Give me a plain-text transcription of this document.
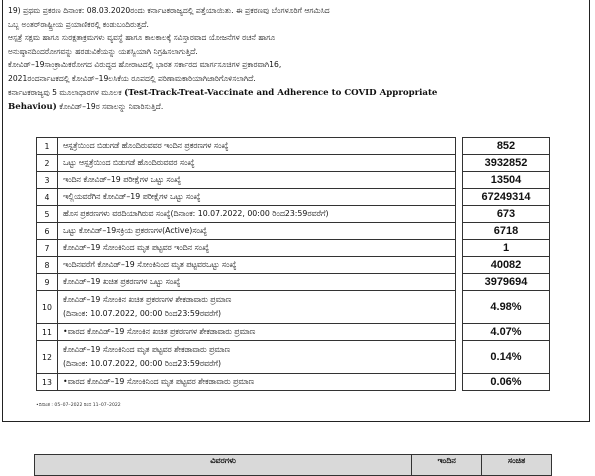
19) ಪ್ರಥಮ ಪ್ರಕರಣ ದಿನಾಂಕ: 08.03.2020ರಂದು ಕರ್ನಾಟಕರಾಜ್ಯದಲ್ಲಿ ಪತ್ತೆಯಾಯಿತು. ಈ ಪ್ರಕರಣವು ಬೆಂಗಳೂರಿಗೆ ಆಗಮಿಸಿದ

ಒಬ್ಬ ಅಂತರ್‌ರಾಷ್ಟ್ರೀಯ ಪ್ರಯಾಣಿಕರಲ್ಲಿ ಕಂಡುಬಂದಿರುತ್ತದೆ.

ಆಸ್ಪತ್ರೆ ಸಕ್ಷಮ ಹಾಗೂ ಸುರಕ್ಷತಾಕ್ರಮಗಳು ವ್ಯವಸ್ಥೆ ಹಾಗೂ ಕಾಲಕಾಲಕ್ಕೆ ಸವಿಸ್ತಾರವಾದ ಯೋಜನೆಗಳ ರಚನೆ ಹಾಗೂ

ಅನುಷ್ಠಾನದಿಂದರೋಗವನ್ನು ಹರಡುವಿಕೆಯನ್ನು ಯಶಸ್ವಿಯಾಗಿ ನಿಗ್ರಹಿಸಲಾಗುತ್ತಿದೆ.

ಕೋವಿಡ್–19ಸಾಂಕ್ರಾಮಿಕರೋಗದ ವಿರುದ್ಧದ ಹೋರಾಟದಲ್ಲಿ ಭಾರತ ಸರ್ಕಾರದ ಮಾರ್ಗಸೂಚಿಗಳ ಪ್ರಕಾರವಾಗಿ16,

2021ರಂದರ್ನಾಟಕದಲ್ಲಿ ಕೋವಿಡ್–19ಲಸಿಕೆಯ ರೂಪದಲ್ಲಿ ಪರಿಣಾಮಕಾರಿಯಾಗಿಜಾರಿಗೊಳಿಸಲಾಗಿದೆ.

ಕರ್ನಾಟಕರಾಜ್ಯವು 5 ಮೂಲಾಧಾರಗಳ ಮೂಲಕ (Test-Track-Treat-Vaccinate and Adherence to COVID Appropriate

Behaviou) ಕೋವಿಡ್–19ರ ಸವಾಲನ್ನು ನಿವಾರಿಸುತ್ತಿದೆ.

1	ಆಸ್ಪತ್ರೆಯಿಂದ ಬಿಡುಗಡೆ ಹೊಂದಿರುವವರ ಇಂದಿನ ಪ್ರಕರಣಗಳ ಸಂಖ್ಯೆ		852
2	ಒಟ್ಟು ಆಸ್ಪತ್ರೆಯಿಂದ ಬಿಡುಗಡೆ ಹೊಂದಿರುವವರ ಸಂಖ್ಯೆ		3932852
3	ಇಂದಿನ ಕೋವಿಡ್–19 ಪರೀಕ್ಷೆಗಳ ಒಟ್ಟು ಸಂಖ್ಯೆ		13504
4	ಇಲ್ಲಿಯವರೆಗಿನ ಕೋವಿಡ್–19 ಪರೀಕ್ಷೆಗಳ ಒಟ್ಟು ಸಂಖ್ಯೆ		67249314
5	ಹೊಸ ಪ್ರಕರಣಗಳು ವರದಿಯಾಗಿರುವ ಸಂಖ್ಯೆ(ದಿನಾಂಕ: 10.07.2022, 00:00 ರಿಂದ23:59ರವರೆಗೆ)		673
6	ಒಟ್ಟು ಕೋವಿಡ್–19ಸಕ್ರಿಯ ಪ್ರಕರಣಗಳ(Active)ಸಂಖ್ಯೆ		6718
7	ಕೋವಿಡ್–19 ಸೋಂಕಿನಿಂದ ಮೃತ ಪಟ್ಟವರ ಇಂದಿನ ಸಂಖ್ಯೆ		1
8	ಇಂದಿನವರೆಗೆ ಕೋವಿಡ್–19 ಸೋಂಕಿನಿಂದ ಮೃತ ಪಟ್ಟವರಒಟ್ಟು ಸಂಖ್ಯೆ		40082
9	ಕೋವಿಡ್–19 ಖಚಿತ ಪ್ರಕರಣಗಳ ಒಟ್ಟು ಸಂಖ್ಯೆ		3979694
10	ಕೋವಿಡ್–19 ಸೋಂಕಿನ ಖಚಿತ ಪ್ರಕರಣಗಳ ಶೇಕಡಾವಾರು ಪ್ರಮಾಣ
(ದಿನಾಂಕ: 10.07.2022, 00:00 ರಿಂದ23:59ರವರೆಗೆ)		4.98%
11	•ವಾರದ ಕೋವಿಡ್–19 ಸೋಂಕಿನ ಖಚಿತ ಪ್ರಕರಣಗಳ ಶೇಕಡಾವಾರು ಪ್ರಮಾಣ		4.07%
12	ಕೋವಿಡ್–19 ಸೋಂಕಿನಿಂದ ಮೃತ ಪಟ್ಟವರ ಶೇಕಡಾವಾರು ಪ್ರಮಾಣ
(ದಿನಾಂಕ: 10.07.2022, 00:00 ರಿಂದ23:59ರವರೆಗೆ)		0.14%
13	•ವಾರದ ಕೋವಿಡ್–19 ಸೋಂಕಿನಿಂದ ಮೃತ ಪಟ್ಟವರ ಶೇಕಡಾವಾರು ಪ್ರಮಾಣ		0.06%
•ದಿನಾಂಕ : 05–07–2022 ರಿಂದ 11–07–2022
ವಿವರಗಳು	ಇಂದಿನ	ಸಂಚಿತ
